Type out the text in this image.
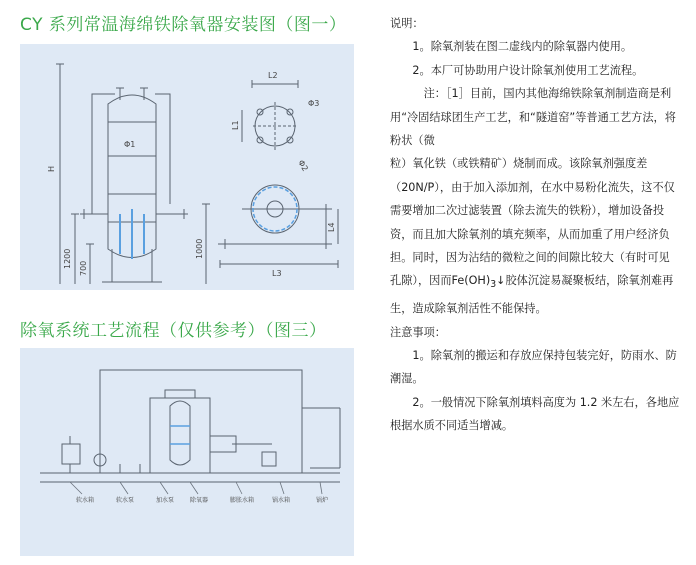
CY 系列常温海绵铁除氧器安装图（图一）
H
1200 700
1000
Φ1
L2
Φ3
L1
Φ2
L4
L3
除氧系统工艺流程（仅供参考）（图三）
软水箱	软水泵	加水泵	除氧器	膨胀水箱	锅水箱	锅炉

说明：

1。除氧剂装在图二虚线内的除氧器内使用。

2。本厂可协助用户设计除氧剂使用工艺流程。

注：［1］目前，国内其他海绵铁除氧剂制造商是利用“冷固结球团生产工艺，和“隧道窑”等普通工艺方法，将粉状（微

粒）氧化铁（或铁精矿）烧制而成。该除氧剂强度差（20N/P），由于加入添加剂，在水中易粉化流失，这不仅需要增加二次过滤装置（除去流失的铁粉），增加设备投资，而且加大除氧剂的填充频率，从而加重了用户经济负担。同时，因为沾结的微粒之间的间隙比较大（有时可见孔隙），因而$Fe(OH)_3↓$胶体沉淀易凝聚板结，除氧剂难再生，造成除氧剂活性不能保持。

注意事项：

1。除氧剂的搬运和存放应保持包装完好，防雨水、防潮湿。

2。一般情况下除氧剂填料高度为 1.2 米左右，各地应根据水质不同适当增减。
